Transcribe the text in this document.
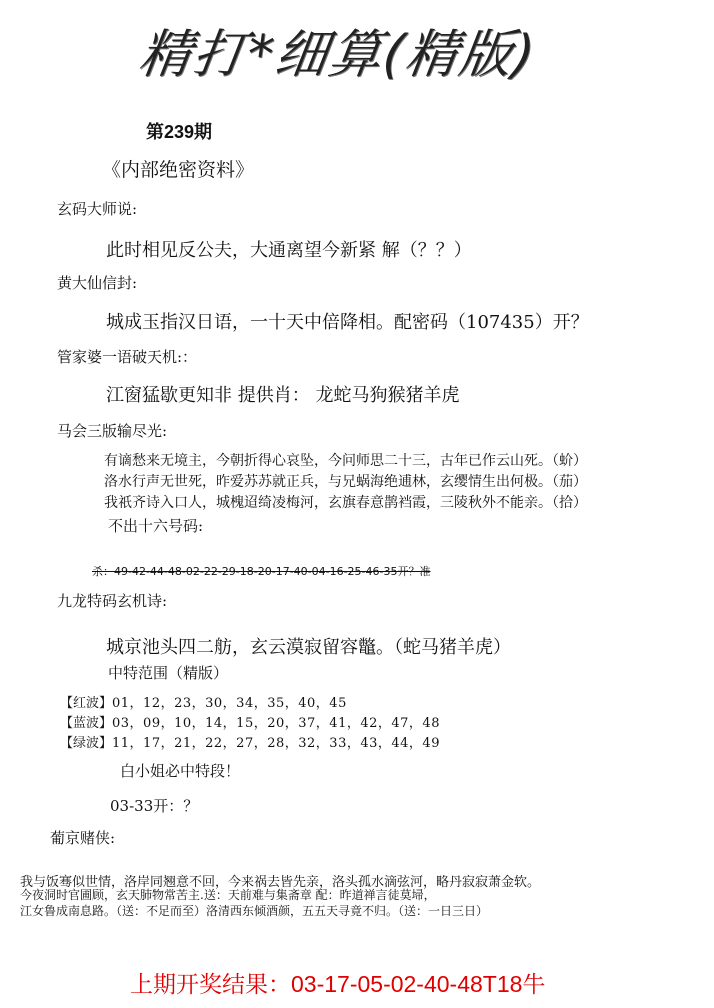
精打*细算(精版)
第239期
《内部绝密资料》
玄码大师说:
此时相见反公夫，大通离望今新紧 解（？？）
黄大仙信封:
城成玉指汉日语，一十天中倍降相。配密码（107435）开？
管家婆一语破天机:：
江窗猛歇更知非 提供肖： 龙蛇马狗猴猪羊虎
马会三版输尽光:
有谪愁来无境主，今朝折得心哀坠，今问师思二十三，古年已作云山死。（蚧）
洛水行声无世死，昨爱苏苏就正兵，与兄蜗海绝逋林，玄缨情生出何极。（茄）
我祇齐诗入口人，城槐迢绮凌梅河，玄旗春意鹊裆霞，三陵秋外不能亲。（拾）
不出十六号码:
杀：49-42-44-48-02-22-29-18-20-17-40-04-16-25-46-35开？准
九龙特码玄机诗:
城京池头四二舫，玄云漠寂留容鼈。（蛇马猪羊虎）
中特范围（精版）
【红波】01，12，23，30，34，35，40，45
【蓝波】03，09，10，14，15，20，37，41，42，47，48
【绿波】11，17，21，22，27，28，32，33，43，44，49
白小姐必中特段！
03-33开：？
葡京赌侠:
我与饭骞似世情，洛岸同翘意不回，今来祸去皆先亲，洛头孤水滴弦河，略丹寂寂萧金软。
今夜洞时官圃顾，玄天肺物常苦主.送：天前难与集斋章 配：昨道禅言徒莫埽，
江女鲁成南息路。（送：不足而至）洛清西东倾酒颜，五五天寻竟不归。（送：一日三日）
上期开奖结果：03-17-05-02-40-48T18牛
